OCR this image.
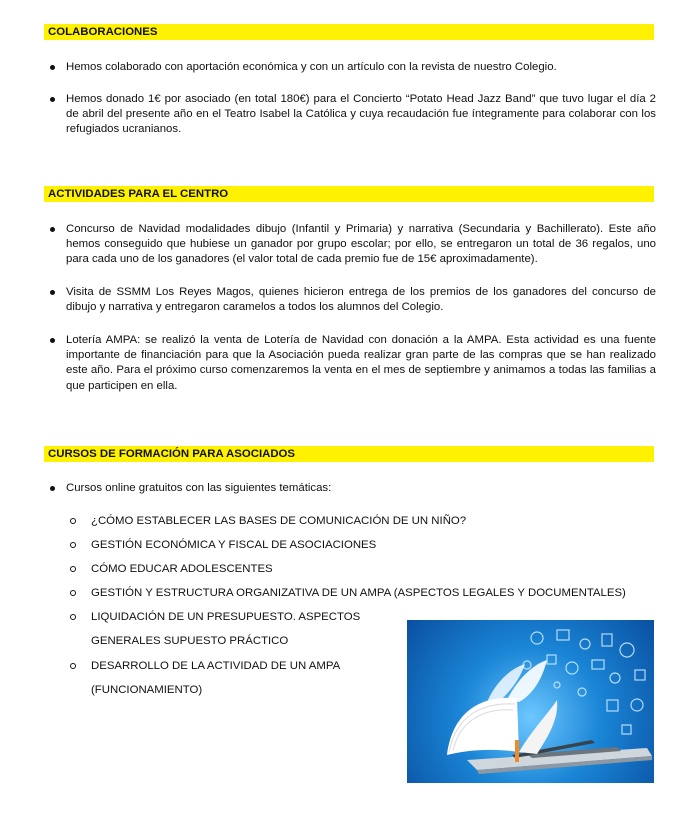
COLABORACIONES
Hemos colaborado con aportación económica y con un artículo con la revista de nuestro Colegio.
Hemos donado 1€ por asociado (en total 180€) para el Concierto “Potato Head Jazz Band” que tuvo lugar el día 2 de abril del presente año en el Teatro Isabel la Católica y cuya recaudación fue íntegramente para colaborar con los refugiados ucranianos.
ACTIVIDADES PARA EL CENTRO
Concurso de Navidad modalidades dibujo (Infantil y Primaria) y narrativa (Secundaria y Bachillerato). Este año hemos conseguido que hubiese un ganador por grupo escolar; por ello, se entregaron un total de 36 regalos, uno para cada uno de los ganadores (el valor total de cada premio fue de 15€ aproximadamente).
Visita de SSMM Los Reyes Magos, quienes hicieron entrega de los premios de los ganadores del concurso de dibujo y narrativa y entregaron caramelos a todos los alumnos del Colegio.
Lotería AMPA: se realizó la venta de Lotería de Navidad con donación a la AMPA. Esta actividad es una fuente importante de financiación para que la Asociación pueda realizar gran parte de las compras que se han realizado este año. Para el próximo curso comenzaremos la venta en el mes de septiembre y animamos a todas las familias a que participen en ella.
CURSOS DE FORMACIÓN PARA ASOCIADOS
Cursos online gratuitos con las siguientes temáticas:
¿CÓMO ESTABLECER LAS BASES DE COMUNICACIÓN DE UN NIÑO?
GESTIÓN ECONÓMICA Y FISCAL DE ASOCIACIONES
CÓMO EDUCAR ADOLESCENTES
GESTIÓN Y ESTRUCTURA ORGANIZATIVA DE UN AMPA (ASPECTOS LEGALES Y DOCUMENTALES)
LIQUIDACIÓN DE UN PRESUPUESTO. ASPECTOS
GENERALES SUPUESTO PRÁCTICO
DESARROLLO DE LA ACTIVIDAD DE UN AMPA
(FUNCIONAMIENTO)
